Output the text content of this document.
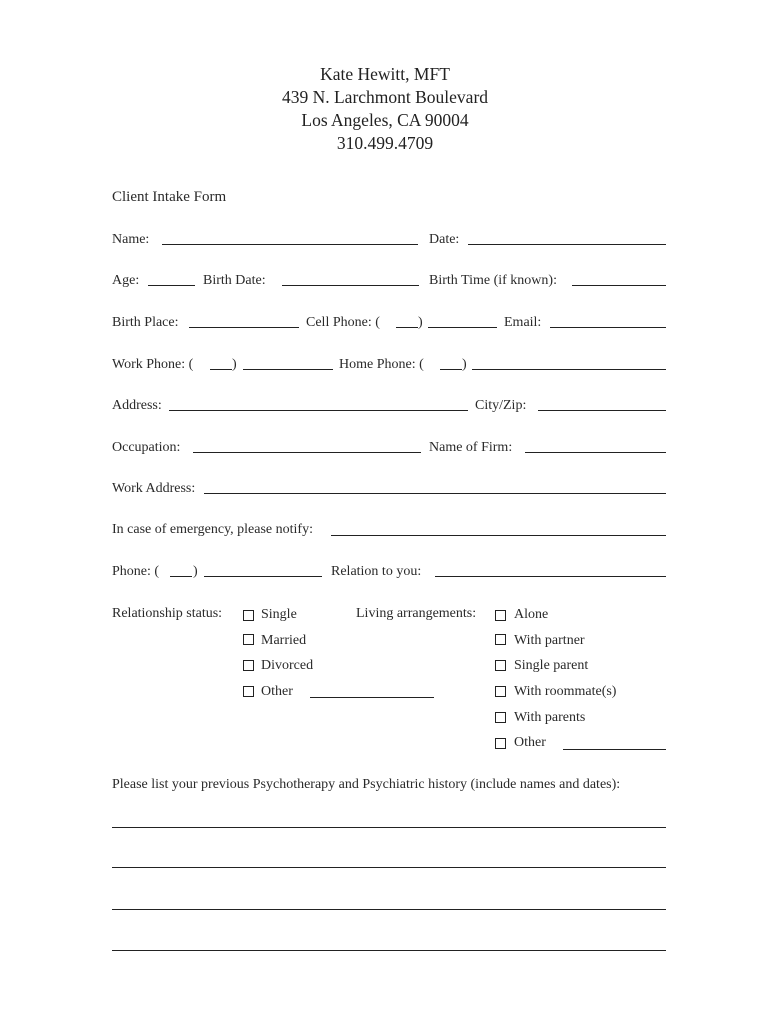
Kate Hewitt, MFT
439 N. Larchmont Boulevard
Los Angeles, CA 90004
310.499.4709
Client Intake Form
Name:	Date:
Age:	Birth Date:	Birth Time (if known):
Birth Place:	Cell Phone: (	)	Email:
Work Phone: (	)	Home Phone: (	)
Address:	City/Zip:
Occupation:	Name of Firm:
Work Address:
In case of emergency, please notify:
Phone: ( )	Relation to you:
Relationship status:	Single
Married
Divorced
Other
Living arrangements:	Alone
With partner
Single parent
With roommate(s)
With parents
Other
Please list your previous Psychotherapy and Psychiatric history (include names and dates):
